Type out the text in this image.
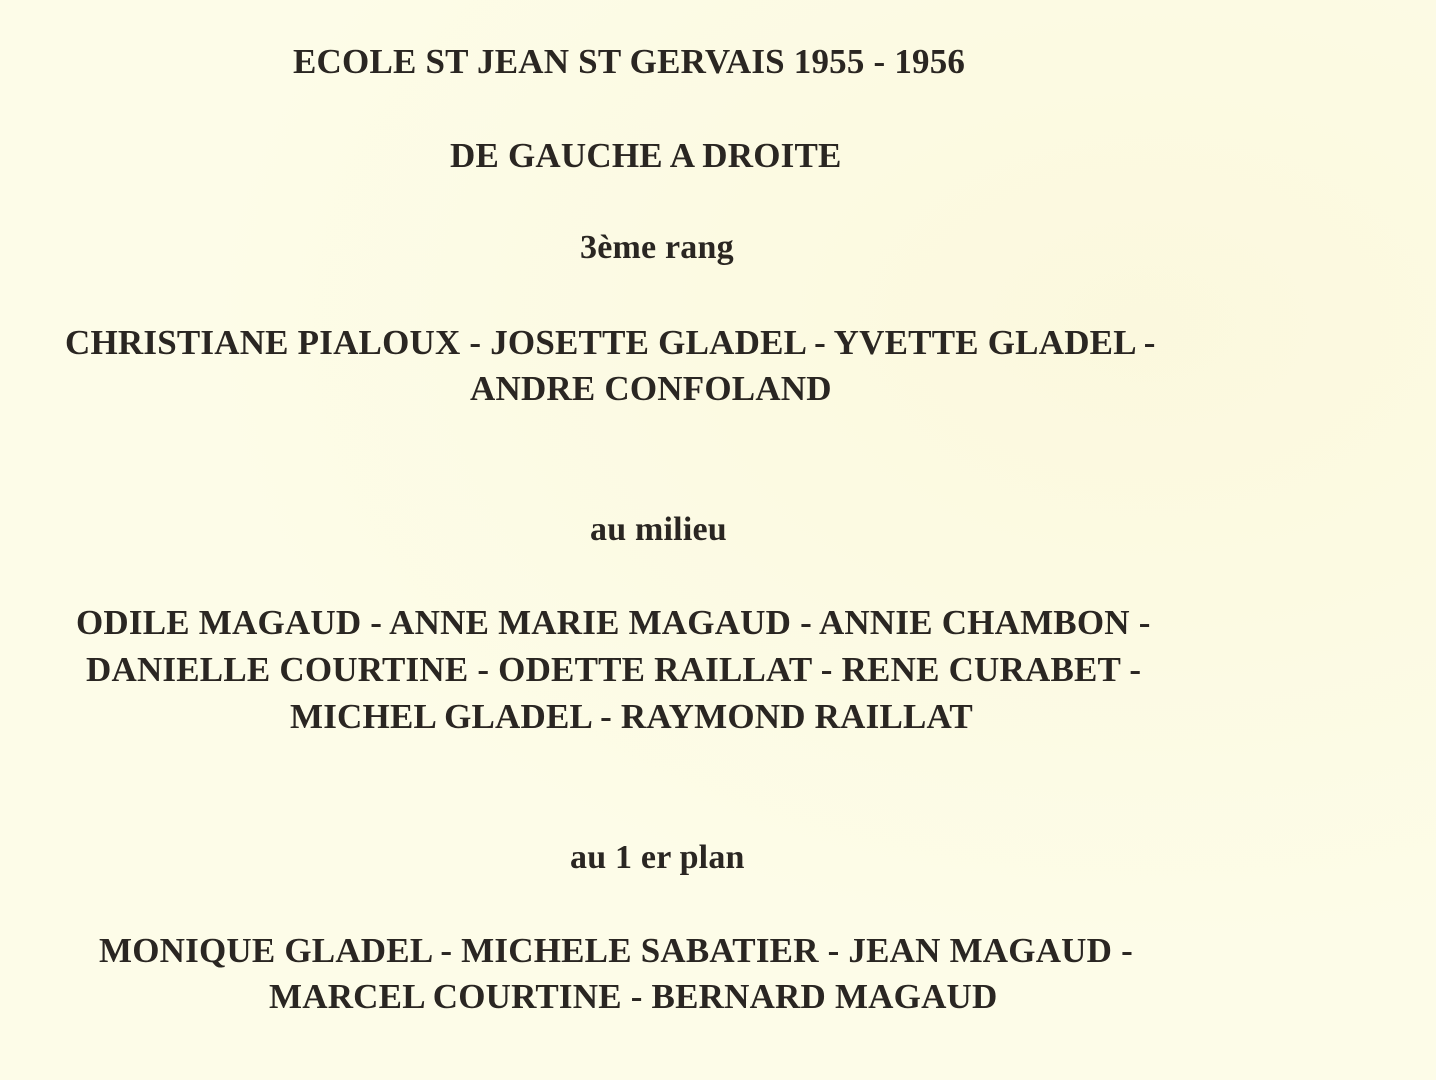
ECOLE ST JEAN ST GERVAIS 1955 - 1956
DE GAUCHE A DROITE
3ème rang
CHRISTIANE PIALOUX - JOSETTE GLADEL - YVETTE GLADEL -
ANDRE CONFOLAND
au milieu
ODILE MAGAUD - ANNE MARIE MAGAUD - ANNIE CHAMBON -
DANIELLE COURTINE - ODETTE RAILLAT - RENE CURABET -
MICHEL GLADEL - RAYMOND RAILLAT
au 1 er plan
MONIQUE GLADEL - MICHELE SABATIER - JEAN MAGAUD -
MARCEL COURTINE - BERNARD MAGAUD
